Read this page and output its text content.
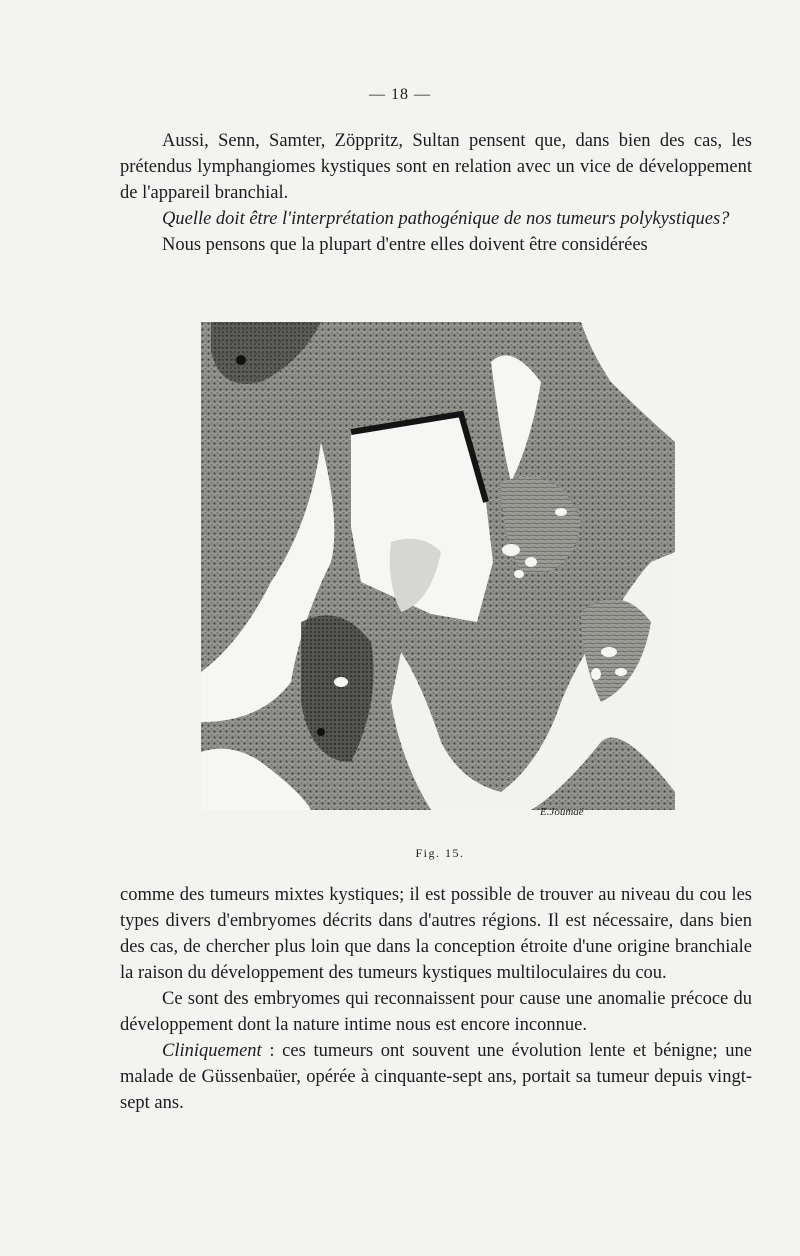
— 18 —

Aussi, Senn, Samter, Zöppritz, Sultan pensent que, dans bien des cas, les prétendus lymphangiomes kystiques sont en relation avec un vice de développement de l'appareil branchial.

Quelle doit être l'interprétation pathogénique de nos tumeurs polykystiques?

Nous pensons que la plupart d'entre elles doivent être considérées

E.Joumaé
Fig. 15.

comme des tumeurs mixtes kystiques; il est possible de trouver au niveau du cou les types divers d'embryomes décrits dans d'autres régions. Il est nécessaire, dans bien des cas, de chercher plus loin que dans la conception étroite d'une origine branchiale la raison du développement des tumeurs kystiques multiloculaires du cou.

Ce sont des embryomes qui reconnaissent pour cause une anomalie précoce du développement dont la nature intime nous est encore inconnue.

Cliniquement : ces tumeurs ont souvent une évolution lente et bénigne; une malade de Güssenbaüer, opérée à cinquante-sept ans, portait sa tumeur depuis vingt-sept ans.
